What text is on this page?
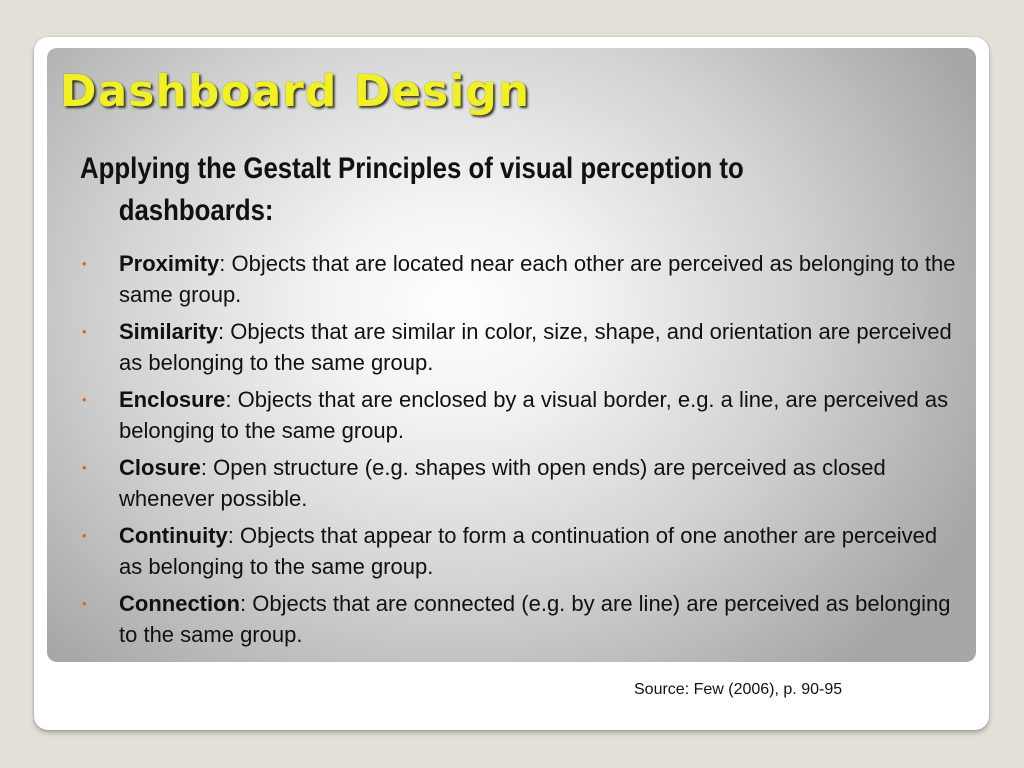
Dashboard Design
Applying the Gestalt Principles of visual perception to
dashboards:
• Proximity: Objects that are located near each other are perceived as belonging to the same group.
• Similarity: Objects that are similar in color, size, shape, and orientation are perceived as belonging to the same group.
• Enclosure: Objects that are enclosed by a visual border, e.g. a line, are perceived as belonging to the same group.
• Closure: Open structure (e.g. shapes with open ends) are perceived as closed whenever possible.
• Continuity: Objects that appear to form a continuation of one another are perceived as belonging to the same group.
• Connection: Objects that are connected (e.g. by are line) are perceived as belonging to the same group.
Source: Few (2006), p. 90-95
